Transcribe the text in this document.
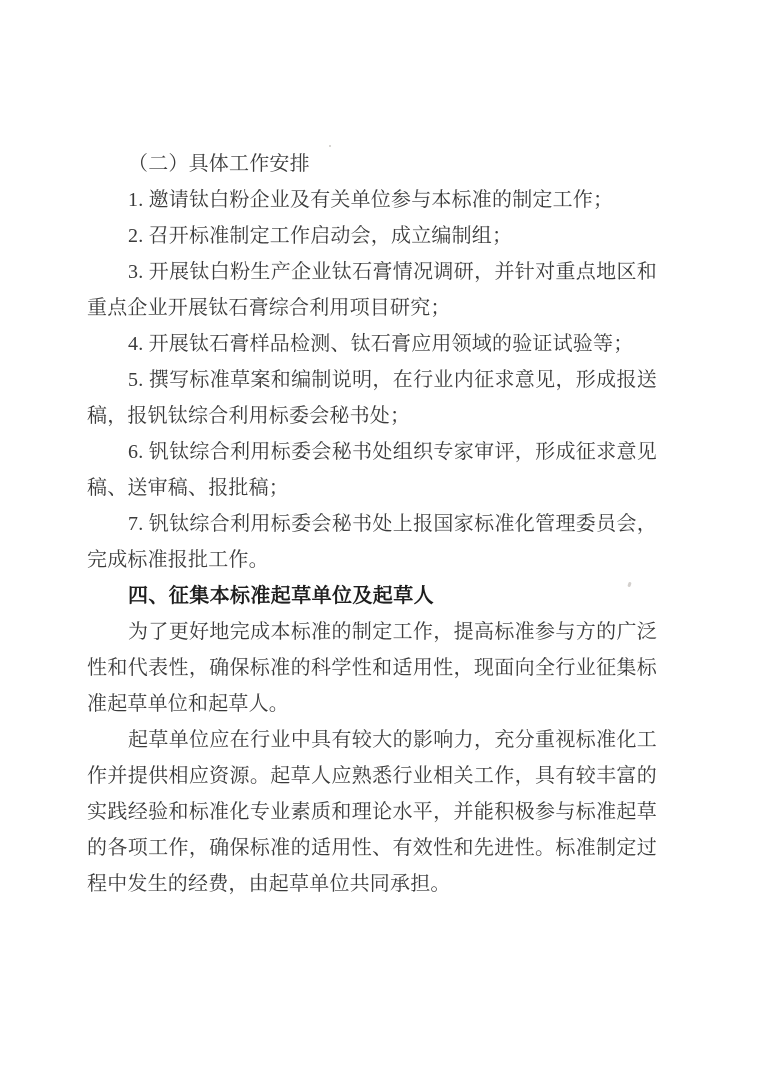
（二）具体工作安排
1. 邀请钛白粉企业及有关单位参与本标准的制定工作；
2. 召开标准制定工作启动会，成立编制组；
3. 开展钛白粉生产企业钛石膏情况调研，并针对重点地区和
重点企业开展钛石膏综合利用项目研究；
4. 开展钛石膏样品检测、钛石膏应用领域的验证试验等；
5. 撰写标准草案和编制说明，在行业内征求意见，形成报送
稿，报钒钛综合利用标委会秘书处；
6. 钒钛综合利用标委会秘书处组织专家审评，形成征求意见
稿、送审稿、报批稿；
7. 钒钛综合利用标委会秘书处上报国家标准化管理委员会，
完成标准报批工作。
四、征集本标准起草单位及起草人
为了更好地完成本标准的制定工作，提高标准参与方的广泛
性和代表性，确保标准的科学性和适用性，现面向全行业征集标
准起草单位和起草人。
起草单位应在行业中具有较大的影响力，充分重视标准化工
作并提供相应资源。起草人应熟悉行业相关工作，具有较丰富的
实践经验和标准化专业素质和理论水平，并能积极参与标准起草
的各项工作，确保标准的适用性、有效性和先进性。标准制定过
程中发生的经费，由起草单位共同承担。
